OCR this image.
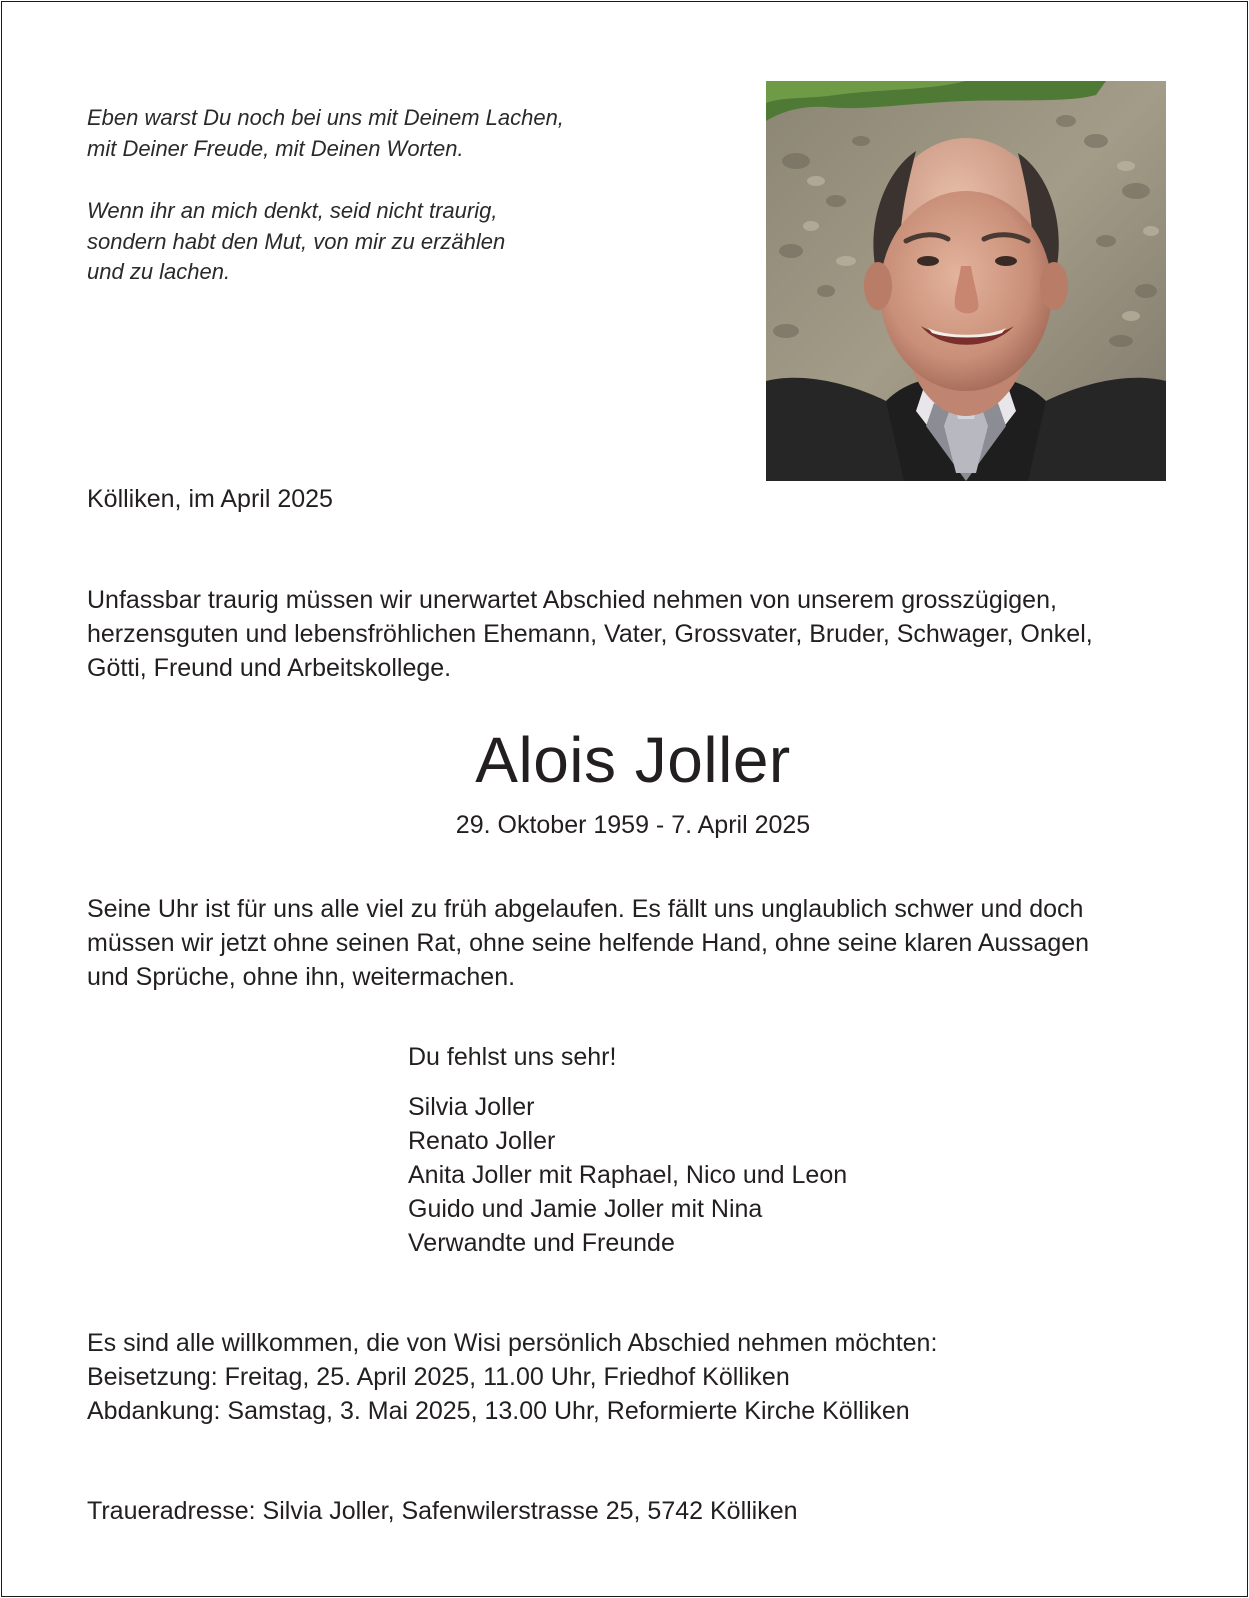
Eben warst Du noch bei uns mit Deinem Lachen,
mit Deiner Freude, mit Deinen Worten.
Wenn ihr an mich denkt, seid nicht traurig,
sondern habt den Mut, von mir zu erzählen
und zu lachen.

Kölliken, im April 2025

Unfassbar traurig müssen wir unerwartet Abschied nehmen von unserem grosszügigen,
herzensguten und lebensfröhlichen Ehemann, Vater, Grossvater, Bruder, Schwager, Onkel,
Götti, Freund und Arbeitskollege.
Alois Joller

29. Oktober 1959 - 7. April 2025

Seine Uhr ist für uns alle viel zu früh abgelaufen. Es fällt uns unglaublich schwer und doch
müssen wir jetzt ohne seinen Rat, ohne seine helfende Hand, ohne seine klaren Aussagen
und Sprüche, ohne ihn, weitermachen.

Du fehlst uns sehr!

Silvia Joller
Renato Joller
Anita Joller mit Raphael, Nico und Leon
Guido und Jamie Joller mit Nina
Verwandte und Freunde
Es sind alle willkommen, die von Wisi persönlich Abschied nehmen möchten:
Beisetzung: Freitag, 25. April 2025, 11.00 Uhr, Friedhof Kölliken
Abdankung: Samstag, 3. Mai 2025, 13.00 Uhr, Reformierte Kirche Kölliken

Traueradresse: Silvia Joller, Safenwilerstrasse 25, 5742 Kölliken
